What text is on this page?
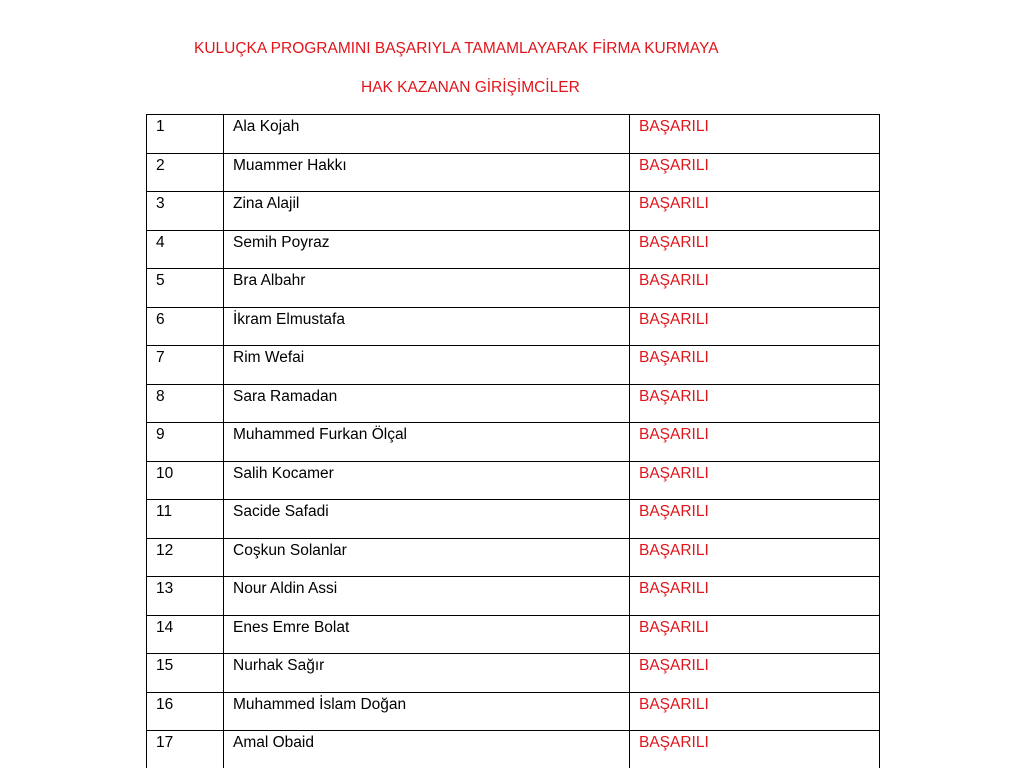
KULUÇKA PROGRAMINI BAŞARIYLA TAMAMLAYARAK FİRMA KURMAYA
HAK KAZANAN GİRİŞİMCİLER
1	Ala Kojah	BAŞARILI
2	Muammer Hakkı	BAŞARILI
3	Zina Alajil	BAŞARILI
4	Semih Poyraz	BAŞARILI
5	Bra Albahr	BAŞARILI
6	İkram Elmustafa	BAŞARILI
7	Rim Wefai	BAŞARILI
8	Sara Ramadan	BAŞARILI
9	Muhammed Furkan Ölçal	BAŞARILI
10	Salih Kocamer	BAŞARILI
11	Sacide Safadi	BAŞARILI
12	Coşkun Solanlar	BAŞARILI
13	Nour Aldin Assi	BAŞARILI
14	Enes Emre Bolat	BAŞARILI
15	Nurhak Sağır	BAŞARILI
16	Muhammed İslam Doğan	BAŞARILI
17	Amal Obaid	BAŞARILI
